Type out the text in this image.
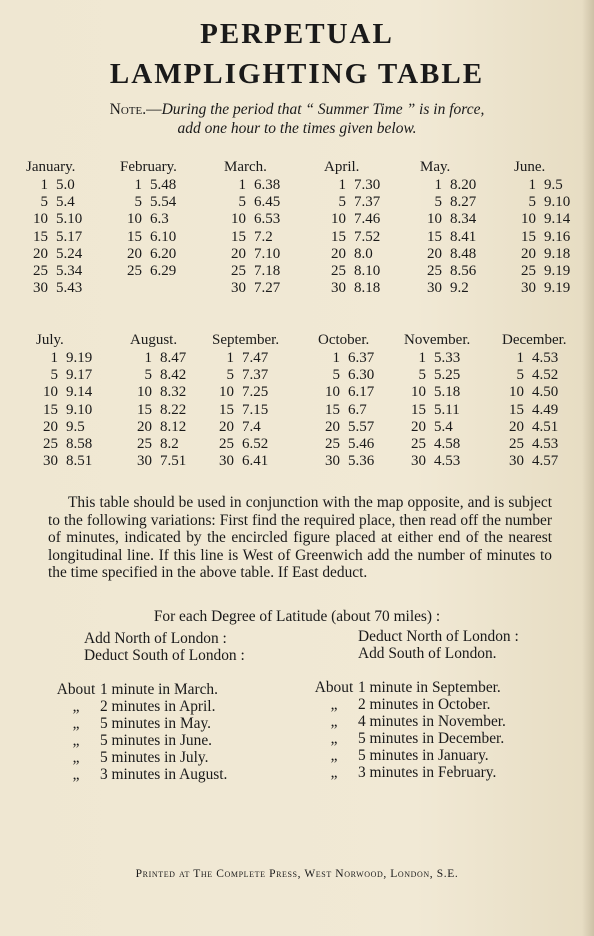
PERPETUAL
LAMPLIGHTING TABLE
Note.—During the period that “ Summer Time ” is in force,
add one hour to the times given below.
January.
1 5.0
5 5.4
10 5.10
15 5.17
20 5.24
25 5.34
30 5.43
February.
1 5.48
5 5.54
10 6.3
15 6.10
20 6.20
25 6.29
March.
1 6.38
5 6.45
10 6.53
15 7.2
20 7.10
25 7.18
30 7.27
April.
1 7.30
5 7.37
10 7.46
15 7.52
20 8.0
25 8.10
30 8.18
May.
1 8.20
5 8.27
10 8.34
15 8.41
20 8.48
25 8.56
30 9.2
June.
1 9.5
5 9.10
10 9.14
15 9.16
20 9.18
25 9.19
30 9.19
July.
1 9.19
5 9.17
10 9.14
15 9.10
20 9.5
25 8.58
30 8.51
August.
1 8.47
5 8.42
10 8.32
15 8.22
20 8.12
25 8.2
30 7.51
September.
1 7.47
5 7.37
10 7.25
15 7.15
20 7.4
25 6.52
30 6.41
October.
1 6.37
5 6.30
10 6.17
15 6.7
20 5.57
25 5.46
30 5.36
November.
1 5.33
5 5.25
10 5.18
15 5.11
20 5.4
25 4.58
30 4.53
December.
1 4.53
5 4.52
10 4.50
15 4.49
20 4.51
25 4.53
30 4.57
This table should be used in conjunction with the map opposite, and is subject to the following variations: First find the required place, then read off the number of minutes, indicated by the encircled figure placed at either end of the nearest longitudinal line. If this line is West of Greenwich add the number of minutes to the time specified in the above table. If East deduct.
For each Degree of Latitude (about 70 miles) :
Add North of London :
Deduct South of London :
Deduct North of London :
Add South of London.
About 1 minute in March.
„ 2 minutes in April.
„ 5 minutes in May.
„ 5 minutes in June.
„ 5 minutes in July.
„ 3 minutes in August.
About 1 minute in September.
„ 2 minutes in October.
„ 4 minutes in November.
„ 5 minutes in December.
„ 5 minutes in January.
„ 3 minutes in February.
Printed at The Complete Press, West Norwood, London, S.E.
